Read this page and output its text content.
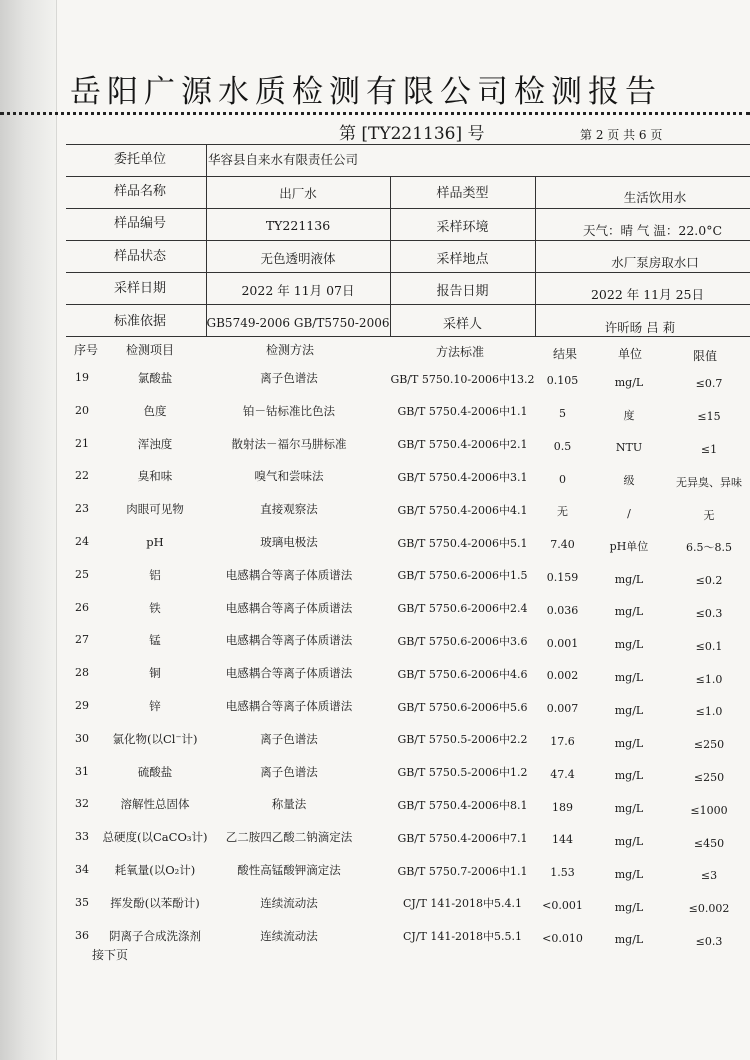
岳阳广源水质检测有限公司检测报告
第 [TY221136] 号	第 2 页 共 6 页
委托单位	华容县自来水有限责任公司
样品名称	出厂水	样品类型	生活饮用水
样品编号	TY221136	采样环境	天气：晴 气 温：22.0°C
样品状态	无色透明液体	采样地点	水厂泵房取水口
采样日期	2022 年 11月 07日	报告日期	2022 年 11月 25日
标准依据	GB5749-2006 GB/T5750-2006	采样人	许昕旸 吕 莉
序号	检测项目	检测方法	方法标准	结果	单位	限值
19	氯酸盐	离子色谱法	GB/T 5750.10-2006中13.2	0.105	mg/L	≤0.7
20	色度	铂－钴标准比色法	GB/T 5750.4-2006中1.1	5	度	≤15
21	浑浊度	散射法－福尔马肼标准	GB/T 5750.4-2006中2.1	0.5	NTU	≤1
22	臭和味	嗅气和尝味法	GB/T 5750.4-2006中3.1	0	级	无异臭、异味
23	肉眼可见物	直接观察法	GB/T 5750.4-2006中4.1	无	/	无
24	pH	玻璃电极法	GB/T 5750.4-2006中5.1	7.40	pH单位	6.5～8.5
25	铝	电感耦合等离子体质谱法	GB/T 5750.6-2006中1.5	0.159	mg/L	≤0.2
26	铁	电感耦合等离子体质谱法	GB/T 5750.6-2006中2.4	0.036	mg/L	≤0.3
27	锰	电感耦合等离子体质谱法	GB/T 5750.6-2006中3.6	0.001	mg/L	≤0.1
28	铜	电感耦合等离子体质谱法	GB/T 5750.6-2006中4.6	0.002	mg/L	≤1.0
29	锌	电感耦合等离子体质谱法	GB/T 5750.6-2006中5.6	0.007	mg/L	≤1.0
30	氯化物(以Cl⁻计)	离子色谱法	GB/T 5750.5-2006中2.2	17.6	mg/L	≤250
31	硫酸盐	离子色谱法	GB/T 5750.5-2006中1.2	47.4	mg/L	≤250
32	溶解性总固体	称量法	GB/T 5750.4-2006中8.1	189	mg/L	≤1000
33	总硬度(以CaCO₃计)	乙二胺四乙酸二钠滴定法	GB/T 5750.4-2006中7.1	144	mg/L	≤450
34	耗氧量(以O₂计)	酸性高锰酸钾滴定法	GB/T 5750.7-2006中1.1	1.53	mg/L	≤3
35	挥发酚(以苯酚计)	连续流动法	CJ/T 141-2018中5.4.1	<0.001	mg/L	≤0.002
36	阴离子合成洗涤剂	连续流动法	CJ/T 141-2018中5.5.1	<0.010	mg/L	≤0.3
接下页
